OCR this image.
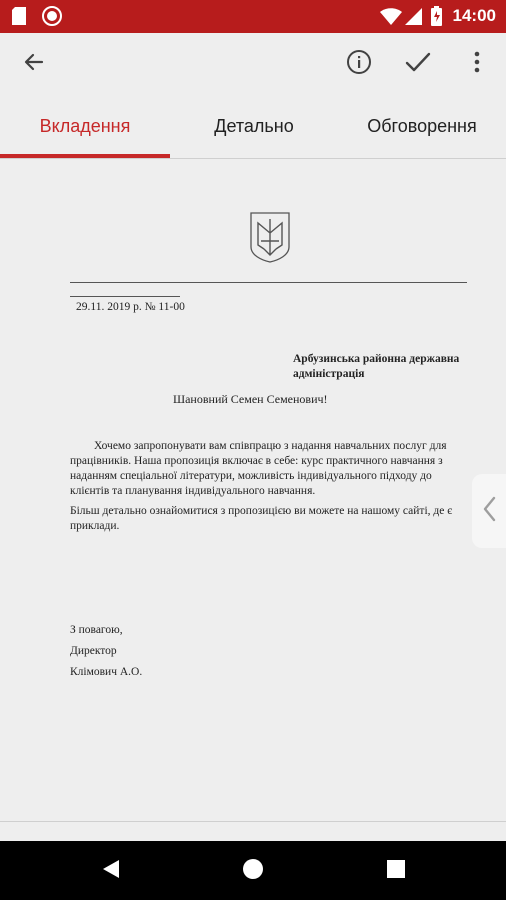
14:00
Вкладення	Детально	Обговорення
29.11. 2019 р. № 11-00
Арбузинська районна державна адміністрація
Шановний Семен Семенович!
Хочемо запропонувати вам співпрацю з надання навчальних послуг для працівників. Наша пропозиція включає в себе: курс практичного навчання з наданням спеціальної літератури, можливість індивідуального підходу до клієнтів та планування індивідуального навчання.
Більш детально ознайомитися з пропозицією ви можете на нашому сайті, де є приклади.
З повагою,
Директор
Клімович А.О.
